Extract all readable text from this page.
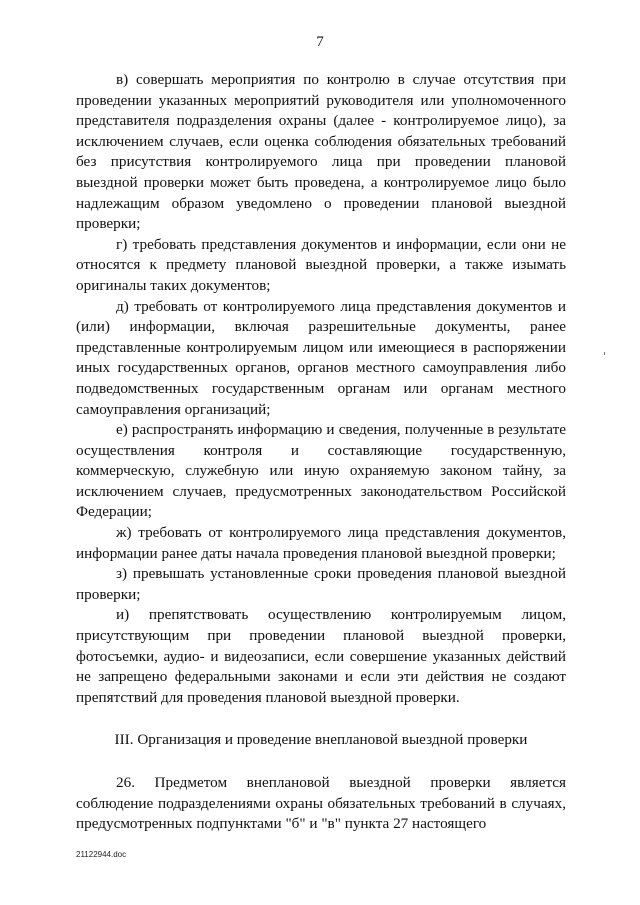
7

в) совершать мероприятия по контролю в случае отсутствия при проведении указанных мероприятий руководителя или уполномоченного представителя подразделения охраны (далее - контролируемое лицо), за исключением случаев, если оценка соблюдения обязательных требований без присутствия контролируемого лица при проведении плановой выездной проверки может быть проведена, а контролируемое лицо было надлежащим образом уведомлено о проведении плановой выездной проверки;

г) требовать представления документов и информации, если они не относятся к предмету плановой выездной проверки, а также изымать оригиналы таких документов;

д) требовать от контролируемого лица представления документов и (или) информации, включая разрешительные документы, ранее представленные контролируемым лицом или имеющиеся в распоряжении иных государственных органов, органов местного самоуправления либо подведомственных государственным органам или органам местного самоуправления организаций;

е) распространять информацию и сведения, полученные в результате осуществления контроля и составляющие государственную, коммерческую, служебную или иную охраняемую законом тайну, за исключением случаев, предусмотренных законодательством Российской Федерации;

ж) требовать от контролируемого лица представления документов, информации ранее даты начала проведения плановой выездной проверки;

з) превышать установленные сроки проведения плановой выездной проверки;

и) препятствовать осуществлению контролируемым лицом, присутствующим при проведении плановой выездной проверки, фотосъемки, аудио- и видеозаписи, если совершение указанных действий не запрещено федеральными законами и если эти действия не создают препятствий для проведения плановой выездной проверки.

III. Организация и проведение внеплановой выездной проверки

26. Предметом внеплановой выездной проверки является соблюдение подразделениями охраны обязательных требований в случаях, предусмотренных подпунктами "б" и "в" пункта 27 настоящего

21122944.doc
